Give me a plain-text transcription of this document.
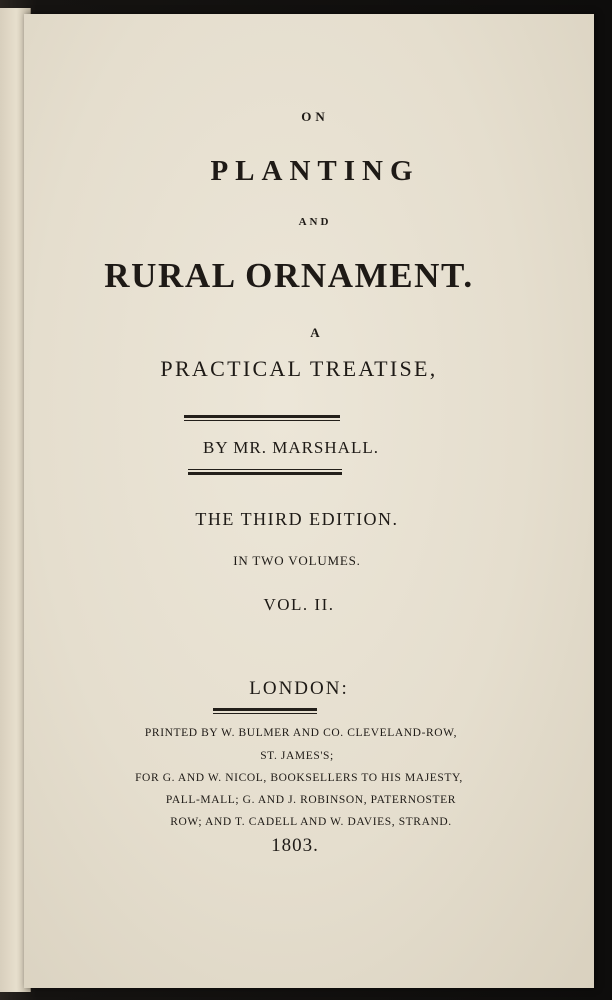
ON

PLANTING

AND

RURAL ORNAMENT.

A

PRACTICAL TREATISE,

BY MR. MARSHALL.

THE THIRD EDITION.

IN TWO VOLUMES.

VOL. II.

LONDON:

PRINTED BY W. BULMER AND CO. CLEVELAND-ROW,
ST. JAMES'S;
FOR G. AND W. NICOL, BOOKSELLERS TO HIS MAJESTY,
PALL-MALL; G. AND J. ROBINSON, PATERNOSTER
ROW; AND T. CADELL AND W. DAVIES, STRAND.

1803.
